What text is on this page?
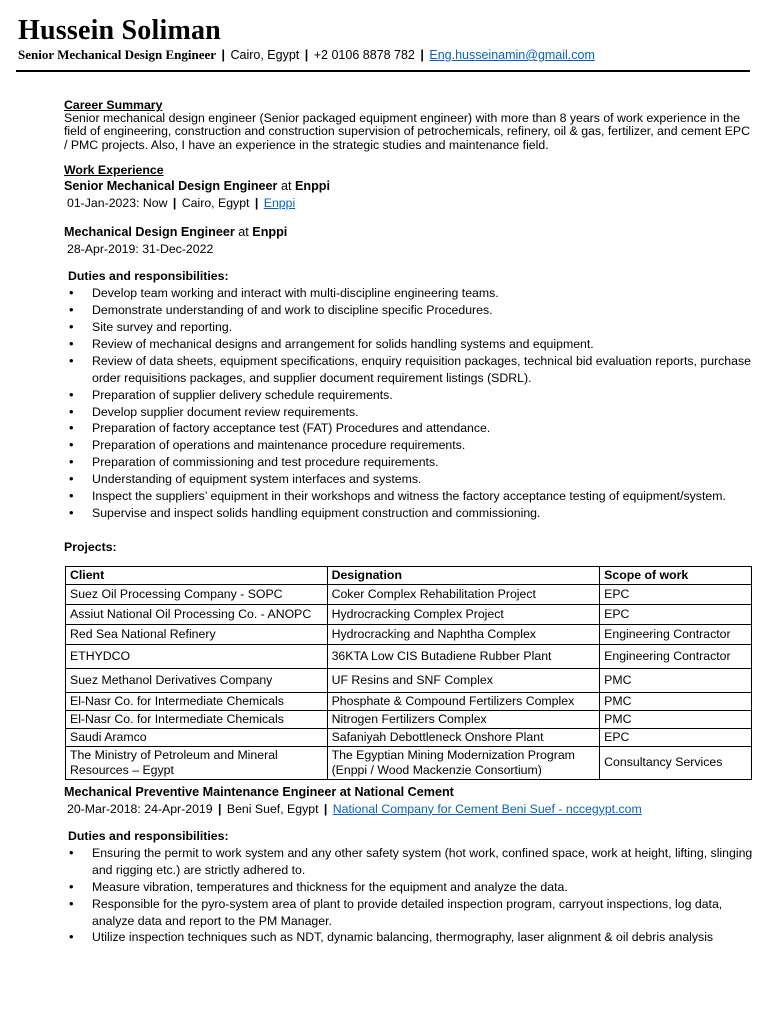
Hussein Soliman
Senior Mechanical Design Engineer | Cairo, Egypt | +2 0106 8878 782 | Eng.husseinamin@gmail.com
Career Summary
Senior mechanical design engineer (Senior packaged equipment engineer) with more than 8 years of work experience in the field of engineering, construction and construction supervision of petrochemicals, refinery, oil & gas, fertilizer, and cement EPC / PMC projects. Also, I have an experience in the strategic studies and maintenance field.
Work Experience
Senior Mechanical Design Engineer at Enppi
01-Jan-2023: Now | Cairo, Egypt | Enppi
Mechanical Design Engineer at Enppi
28-Apr-2019: 31-Dec-2022
Duties and responsibilities:
• Develop team working and interact with multi-discipline engineering teams.
• Demonstrate understanding of and work to discipline specific Procedures.
• Site survey and reporting.
• Review of mechanical designs and arrangement for solids handling systems and equipment.
• Review of data sheets, equipment specifications, enquiry requisition packages, technical bid evaluation reports, purchase order requisitions packages, and supplier document requirement listings (SDRL).
• Preparation of supplier delivery schedule requirements.
• Develop supplier document review requirements.
• Preparation of factory acceptance test (FAT) Procedures and attendance.
• Preparation of operations and maintenance procedure requirements.
• Preparation of commissioning and test procedure requirements.
• Understanding of equipment system interfaces and systems.
• Inspect the suppliers’ equipment in their workshops and witness the factory acceptance testing of equipment/system.
• Supervise and inspect solids handling equipment construction and commissioning.
Projects:
Client	Designation	Scope of work
Suez Oil Processing Company - SOPC	Coker Complex Rehabilitation Project	EPC
Assiut National Oil Processing Co. - ANOPC	Hydrocracking Complex Project	EPC
Red Sea National Refinery	Hydrocracking and Naphtha Complex	Engineering Contractor
ETHYDCO	36KTA Low CIS Butadiene Rubber Plant	Engineering Contractor
Suez Methanol Derivatives Company	UF Resins and SNF Complex	PMC
El-Nasr Co. for Intermediate Chemicals	Phosphate & Compound Fertilizers Complex	PMC
El-Nasr Co. for Intermediate Chemicals	Nitrogen Fertilizers Complex	PMC
Saudi Aramco	Safaniyah Debottleneck Onshore Plant	EPC
The Ministry of Petroleum and Mineral Resources – Egypt	The Egyptian Mining Modernization Program (Enppi / Wood Mackenzie Consortium)	Consultancy Services
Mechanical Preventive Maintenance Engineer at National Cement
20-Mar-2018: 24-Apr-2019 | Beni Suef, Egypt | National Company for Cement Beni Suef - nccegypt.com
Duties and responsibilities:
• Ensuring the permit to work system and any other safety system (hot work, confined space, work at height, lifting, slinging and rigging etc.) are strictly adhered to.
• Measure vibration, temperatures and thickness for the equipment and analyze the data.
• Responsible for the pyro-system area of plant to provide detailed inspection program, carryout inspections, log data, analyze data and report to the PM Manager.
• Utilize inspection techniques such as NDT, dynamic balancing, thermography, laser alignment & oil debris analysis
